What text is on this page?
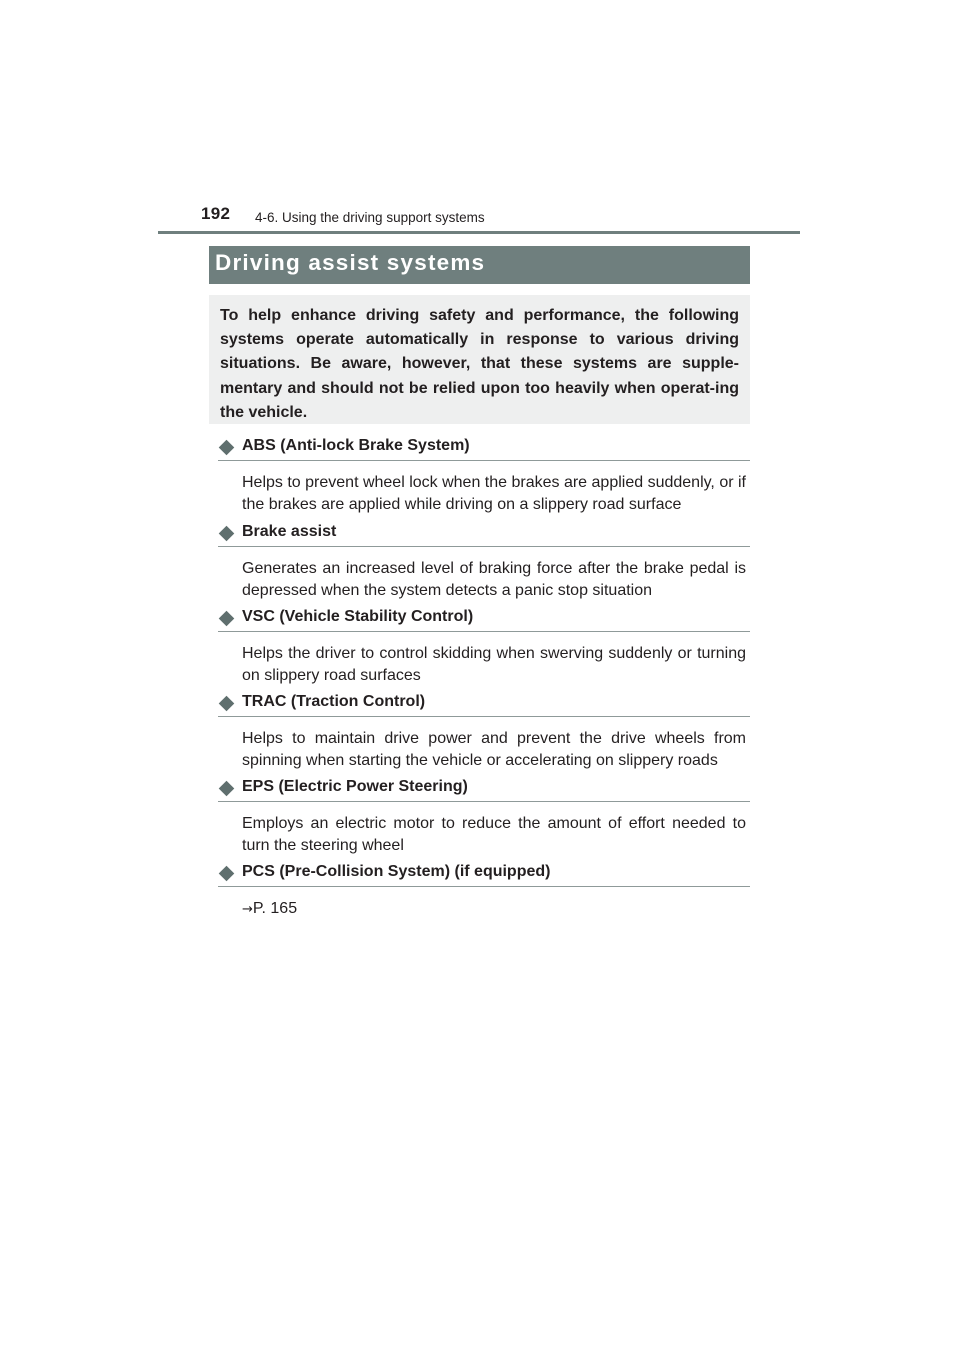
192 4-6. Using the driving support systems
Driving assist systems

To help enhance driving safety and performance, the following systems operate automatically in response to various driving situations. Be aware, however, that these systems are supple-mentary and should not be relied upon too heavily when operat-ing the vehicle.

ABS (Anti-lock Brake System)
Helps to prevent wheel lock when the brakes are applied suddenly, or if the brakes are applied while driving on a slippery road surface
Brake assist
Generates an increased level of braking force after the brake pedal is depressed when the system detects a panic stop situation
VSC (Vehicle Stability Control)
Helps the driver to control skidding when swerving suddenly or turning on slippery road surfaces
TRAC (Traction Control)
Helps to maintain drive power and prevent the drive wheels from spinning when starting the vehicle or accelerating on slippery roads
EPS (Electric Power Steering)
Employs an electric motor to reduce the amount of effort needed to turn the steering wheel
PCS (Pre-Collision System) (if equipped)
→P. 165
